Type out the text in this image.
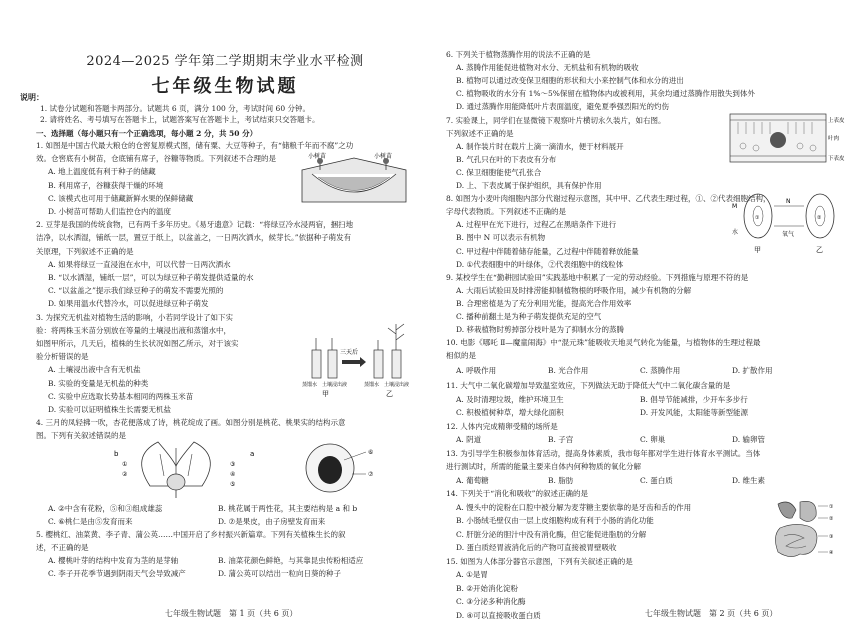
2024—2025 学年第二学期期末学业水平检测
七年级生物试题
说明：
1. 试卷分试题和答题卡两部分。试题共 6 页，满分 100 分，考试时间 60 分钟。
2. 请将姓名、考号填写在答题卡上，试题答案写在答题卡上，考试结束只交答题卡。
一、选择题（每小题只有一个正确选项，每小题 2 分，共 50 分）
1. 如图是中国古代最大粮仓的仓窖复原模式图，储有粟、大豆等种子，有“储粮千年而不腐”之功
效。仓窖底有小树苗，仓底铺有席子，谷糠等物质。下列叙述不合理的是
A. 地上温度低有利于种子的储藏
B. 利用席子，谷糠获得干燥的环境
C. 该模式也可用于储藏新鲜水果的保鲜储藏
D. 小树苗可帮助人们监控仓内的温度
2. 豆芽是我国的传统食物，已有两千多年历史。《易牙遗意》记载：“将绿豆冷水浸两宿，捆扫地
洁净，以水洒湿，铺纸一层，置豆于纸上，以盆盖之，一日两次洒水，候芽长。”依据种子萌发有
关原理，下列叙述不正确的是
A. 如果将绿豆一直浸泡在水中，可以代替一日两次洒水
B. “以水洒湿，铺纸一层”，可以为绿豆种子萌发提供适量的水
C. “以盆盖之”提示我们绿豆种子的萌发不需要光照的
D. 如果用温水代替冷水，可以促进绿豆种子萌发
3. 为探究无机盐对植物生活的影响，小若同学设计了如下实
验：将两株玉米苗分别放在等量的土壤浸出液和蒸馏水中，
如图甲所示，几天后，植株的生长状况如图乙所示，对于该实
验分析错误的是
A. 土壤浸出液中含有无机盐
B. 实验的变量是无机盐的种类
C. 实验中应选取长势基本相同的两株玉米苗
D. 实验可以证明植株生长需要无机盐
4. 三月的凤轻拂一吹，杏花便落成了诗，桃花绽成了画。如图分别是桃花、桃果实的结构示意
图。下列有关叙述错误的是
A. ②中含有花粉，⑤和③组成雄蕊	B. 桃花属于两性花，其主要结构是 a 和 b
C. ⑥桃仁是由⑤发育而来	D. ⑦是果皮，由子房壁发育而来
5. 樱桃红、油菜黄、李子青、蒲公英……中国开启了乡村振兴新篇章。下列有关植株生长的叙
述，不正确的是
A. 樱桃叶芽的结构中发育为茎的是芽轴	B. 油菜花颜色鲜艳，与其靠昆虫传粉相适应
C. 李子开花季节遇到阴雨天气会导致减产	D. 蒲公英可以结出一粒向日葵的种子
七年级生物试题　第 1 页（共 6 页）
小树苗	小树苗
三天后
蒸馏水 土壤浸出液	蒸馏水 土壤浸出液
甲	乙
b	a
①
②
③
④
⑤
⑥
⑦
6. 下列关于植物蒸腾作用的说法不正确的是
A. 蒸腾作用能促进植物对水分、无机盐和有机物的吸收
B. 植物可以通过改变保卫细胞的形状和大小来控制气体和水分的进出
C. 植物吸收的水分有 1%～5%保留在植物体内或被利用，其余均通过蒸腾作用散失到体外
D. 通过蒸腾作用能降低叶片表面温度，避免夏季强烈阳光的灼伤
7. 实验课上，同学们在显微镜下观察叶片横切永久装片，如右图。
下列叙述不正确的是
A. 制作装片时在载片上滴一滴清水，便于材料展开
B. 气孔只在叶的下表皮有分布
C. 保卫细胞能使气孔张合
D. 上、下表皮属于保护组织，具有保护作用
8. 如图为小麦叶肉细胞内部分代谢过程示意图，其中甲、乙代表生理过程，①、②代表细胞结构，
字母代表物质。下列叙述不正确的是
A. 过程甲在光下进行，过程乙在黑暗条件下进行
B. 图中 N 可以表示有机物
C. 甲过程中伴随着储存能量，乙过程中伴随着释放能量
D. ①代表细胞中的叶绿体，②代表细胞中的线粒体
9. 某校学生在“勤耕园试验田”实践基地中积累了一定的劳动经验。下列措施与原理不符的是
A. 大雨后试验田及时排涝能抑制植物根的呼吸作用，减少有机物的分解
B. 合理密植是为了充分利用光能，提高光合作用效率
C. 播种前翻土是为种子萌发提供充足的空气
D. 移栽植物时剪掉部分枝叶是为了抑制水分的蒸腾
10. 电影《哪吒 Ⅱ—魔童闹海》中“混元珠”能吸收天地灵气转化为能量，与植物体的生理过程最
相似的是
A. 呼吸作用	B. 光合作用	C. 蒸腾作用	D. 扩散作用
11. 大气中二氧化碳增加导致温室效应，下列做法无助于降低大气中二氧化碳含量的是
A. 及时清理垃圾，维护环境卫生	B. 倡导节能减排，少开车多步行
C. 积极植树种草，增大绿化面积	D. 开发风能，太阳能等新型能源
12. 人体内完成精卵受精的场所是
A. 阴道	B. 子宫	C. 卵巢	D. 输卵管
13. 为引导学生积极参加体育活动，提高身体素质，我市每年都对学生进行体育水平测试。当体
进行测试时，所需的能量主要来自体内何种物质的氧化分解
A. 葡萄糖	B. 脂肪	C. 蛋白质	D. 维生素
14. 下列关于“消化和吸收”的叙述正确的是
A. 馒头中的淀粉在口腔中被分解为麦芽糖主要依靠的是牙齿和舌的作用
B. 小肠绒毛壁仅由一层上皮细胞构成有利于小肠的消化功能
C. 肝脏分泌的胆汁中没有消化酶，但它能促进脂肪的分解
D. 蛋白质经胃液消化后的产物可直接被胃壁吸收
15. 如图为人体部分器官示意图，下列有关叙述正确的是
A. ①是胃
B. ②开始消化淀粉
C. ③分泌多种消化酶
D. ④可以直接吸收蛋白质	七年级生物试题　第 2 页（共 6 页）
上表皮
叶肉
下表皮
M
N
水	氧气
①	②
甲	乙
①
②
③
④
